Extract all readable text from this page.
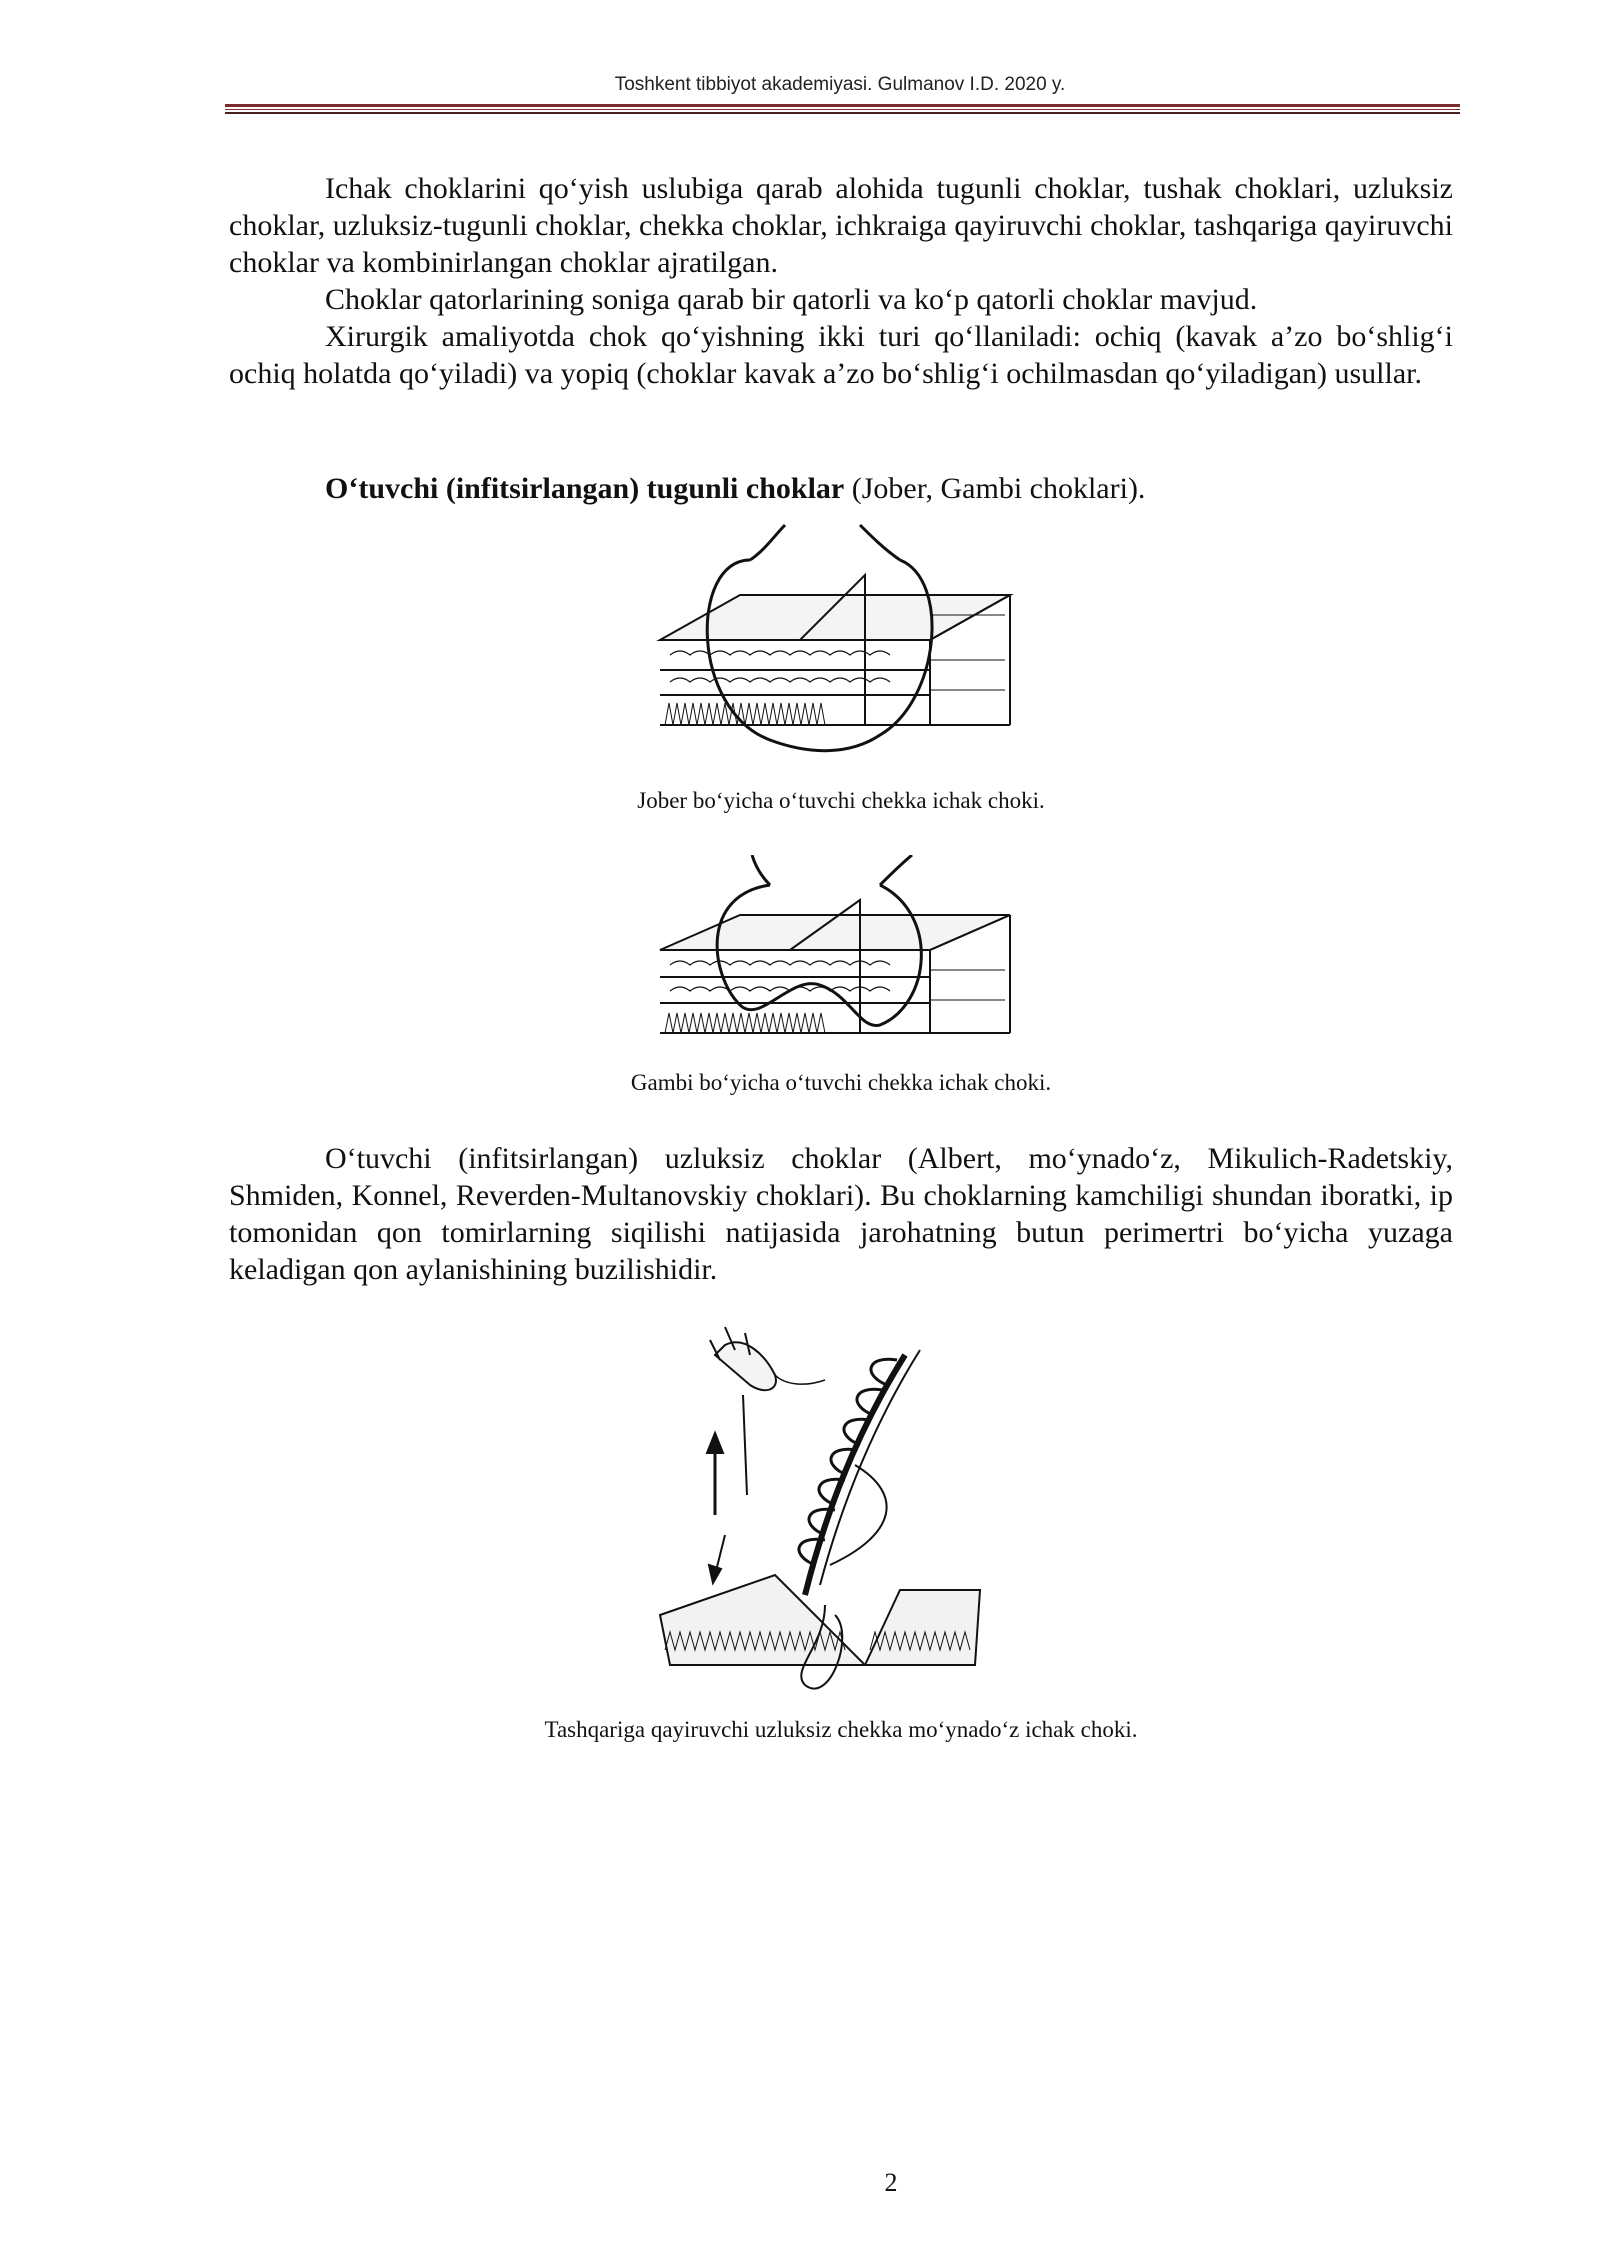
Toshkent tibbiyot akademiyasi. Gulmanov I.D. 2020 y.

Ichak choklarini qo‘yish uslubiga qarab alohida tugunli choklar, tushak choklari, uzluksiz choklar, uzluksiz-tugunli choklar, chekka choklar, ichkraiga qayiruvchi choklar, tashqariga qayiruvchi choklar va kombinirlangan choklar ajratilgan.

Choklar qatorlarining soniga qarab bir qatorli va ko‘p qatorli choklar mavjud.

Xirurgik amaliyotda chok qo‘yishning ikki turi qo‘llaniladi: ochiq (kavak a’zo bo‘shlig‘i ochiq holatda qo‘yiladi) va yopiq (choklar kavak a’zo bo‘shlig‘i ochilmasdan qo‘yiladigan) usullar.

O‘tuvchi (infitsirlangan) tugunli choklar (Jober, Gambi choklari).

Jober bo‘yicha o‘tuvchi chekka ichak choki.
Gambi bo‘yicha o‘tuvchi chekka ichak choki.

O‘tuvchi (infitsirlangan) uzluksiz choklar (Albert, mo‘ynado‘z, Mikulich-Radetskiy, Shmiden, Konnel, Reverden-Multanovskiy choklari). Bu choklarning kamchiligi shundan iboratki, ip tomonidan qon tomirlarning siqilishi natijasida jarohatning butun perimertri bo‘yicha yuzaga keladigan qon aylanishining buzilishidir.

Tashqariga qayiruvchi uzluksiz chekka mo‘ynado‘z ichak choki.
2
